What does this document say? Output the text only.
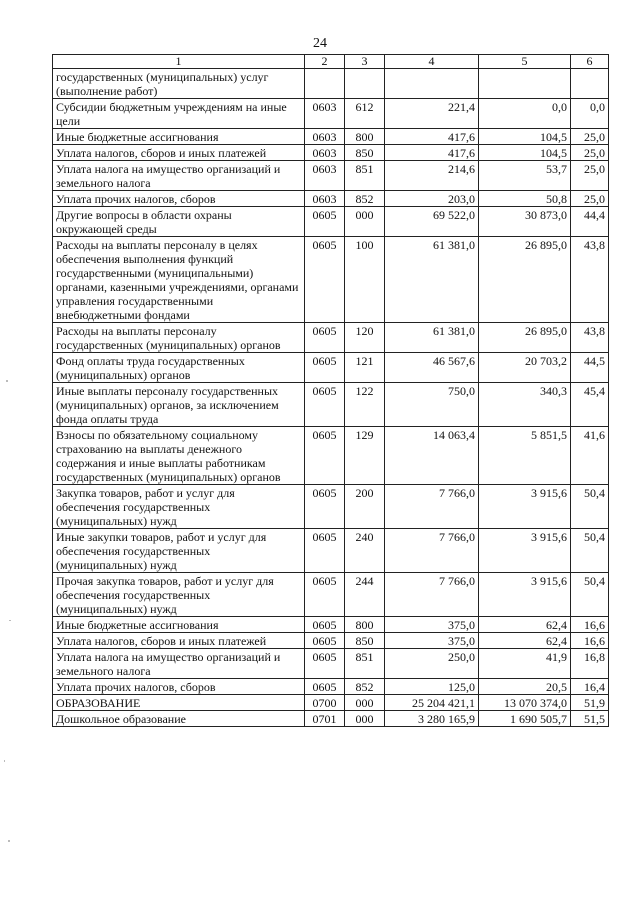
24
1	2	3	4	5	6
государственных (муниципальных) услуг (выполнение работ)					
Субсидии бюджетным учреждениям на иные цели	0603	612	221,4	0,0	0,0
Иные бюджетные ассигнования	0603	800	417,6	104,5	25,0
Уплата налогов, сборов и иных платежей	0603	850	417,6	104,5	25,0
Уплата налога на имущество организаций и земельного налога	0603	851	214,6	53,7	25,0
Уплата прочих налогов, сборов	0603	852	203,0	50,8	25,0
Другие вопросы в области охраны окружающей среды	0605	000	69 522,0	30 873,0	44,4
Расходы на выплаты персоналу в целях обеспечения выполнения функций государственными (муниципальными) органами, казенными учреждениями, органами управления государственными внебюджетными фондами	0605	100	61 381,0	26 895,0	43,8
Расходы на выплаты персоналу государственных (муниципальных) органов	0605	120	61 381,0	26 895,0	43,8
Фонд оплаты труда государственных (муниципальных) органов	0605	121	46 567,6	20 703,2	44,5
Иные выплаты персоналу государственных (муниципальных) органов, за исключением фонда оплаты труда	0605	122	750,0	340,3	45,4
Взносы по обязательному социальному страхованию на выплаты денежного содержания и иные выплаты работникам государственных (муниципальных) органов	0605	129	14 063,4	5 851,5	41,6
Закупка товаров, работ и услуг для обеспечения государственных (муниципальных) нужд	0605	200	7 766,0	3 915,6	50,4
Иные закупки товаров, работ и услуг для обеспечения государственных (муниципальных) нужд	0605	240	7 766,0	3 915,6	50,4
Прочая закупка товаров, работ и услуг для обеспечения государственных (муниципальных) нужд	0605	244	7 766,0	3 915,6	50,4
Иные бюджетные ассигнования	0605	800	375,0	62,4	16,6
Уплата налогов, сборов и иных платежей	0605	850	375,0	62,4	16,6
Уплата налога на имущество организаций и земельного налога	0605	851	250,0	41,9	16,8
Уплата прочих налогов, сборов	0605	852	125,0	20,5	16,4
ОБРАЗОВАНИЕ	0700	000	25 204 421,1	13 070 374,0	51,9
Дошкольное образование	0701	000	3 280 165,9	1 690 505,7	51,5
